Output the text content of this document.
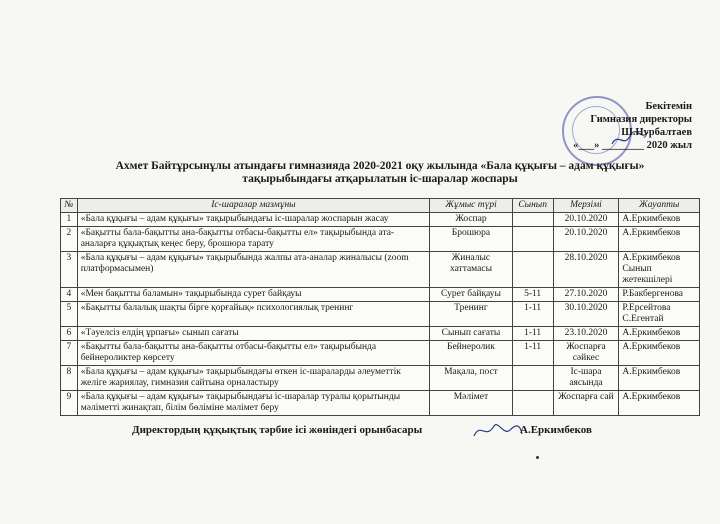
Бекітемін
Гимназия директоры
Ш.Нурбалтаев
«___» ________ 2020 жыл
Ахмет Байтұрсынұлы атындағы гимназияда 2020-2021 оқу жылында «Бала құқығы – адам құқығы»
тақырыбындағы атқарылатын іс-шаралар жоспары
№	Іс-шаралар мазмұны	Жұмыс түрі	Сынып	Мерзімі	Жауапты
1	«Бала құқығы – адам құқығы» тақырыбындағы іс-шаралар жоспарын жасау	Жоспар		20.10.2020	А.Еркимбеков
2	«Бақытты бала-бақытты ана-бақытты отбасы-бақытты ел» тақырыбында ата-аналарға құқықтық кеңес беру, брошюра тарату	Брошюра		20.10.2020	А.Еркимбеков
3	«Бала құқығы – адам құқығы» тақырыбында жалпы ата-аналар жиналысы (zoom платформасымен)	Жиналыс хаттамасы		28.10.2020	А.Еркимбеков Сынып жетекшілері
4	«Мен бақытты баламын» тақырыбында сурет байқауы	Сурет байқауы	5-11	27.10.2020	Р.Бакбергенова
5	«Бақытты балалық шақты бірге қорғайық» психологиялық тренинг	Тренинг	1-11	30.10.2020	Р.Ерсейтова С.Егентай
6	«Тәуелсіз елдің ұрпағы» сынып сағаты	Сынып сағаты	1-11	23.10.2020	А.Еркимбеков
7	«Бақытты бала-бақытты ана-бақытты отбасы-бақытты ел» тақырыбында бейнероликтер көрсету	Бейнеролик	1-11	Жоспарға сәйкес	А.Еркимбеков
8	«Бала құқығы – адам құқығы» тақырыбындағы өткен іс-шараларды әлеуметтік желіге жариялау, гимназия сайтына орналастыру	Мақала, пост		Іс-шара аясында	А.Еркимбеков
9	«Бала құқығы – адам құқығы» тақырыбындағы іс-шаралар туралы қорытынды мәліметті жинақтап, білім бөліміне мәлімет беру	Мәлімет		Жоспарға сай	А.Еркимбеков
Директордың құқықтық тәрбие ісі жөніндегі орынбасары	А.Еркимбеков
